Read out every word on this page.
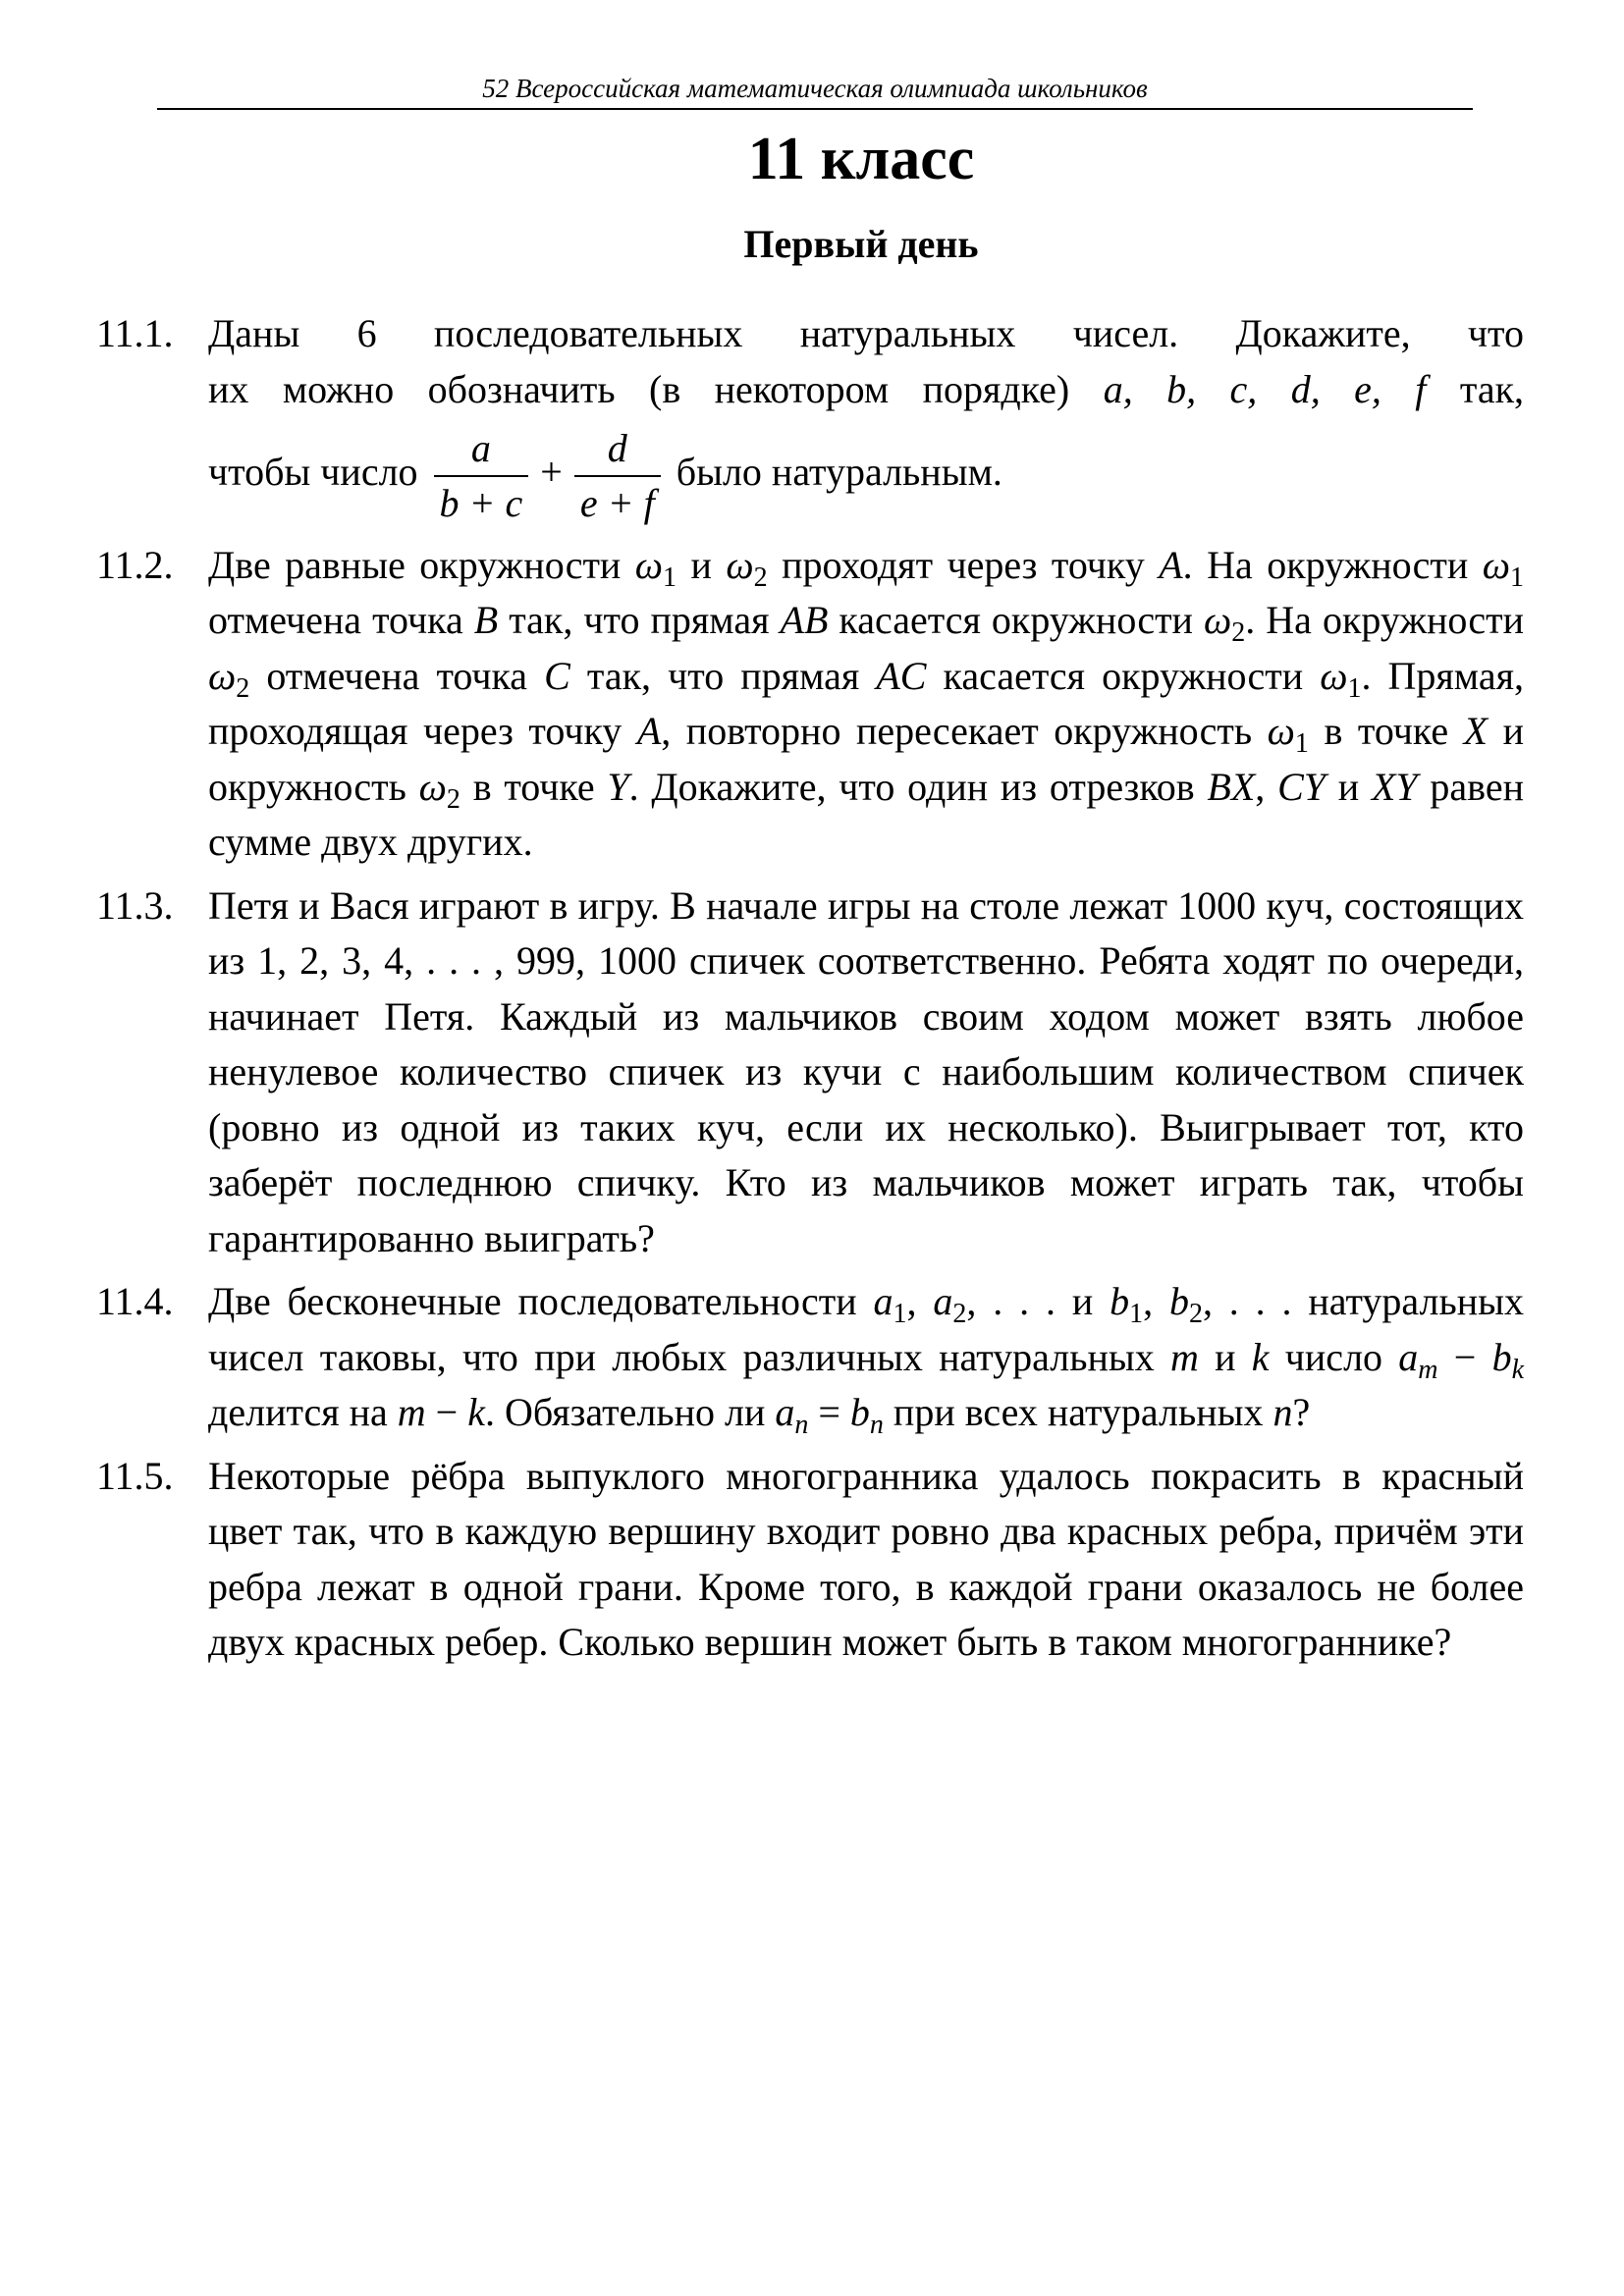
52 Всероссийская математическая олимпиада школьников
11 класс
Первый день
11.1. Даны 6 последовательных натуральных чисел. Докажите, что
их можно обозначить (в некотором порядке) a, b, c, d, e, f так,
чтобы число $\frac{a}{b + c} + \frac{d}{e + f}$ было натуральным.
11.2. Две равные окружности $\omega_1$ и $\omega_2$ проходят через точку A. На окружности $\omega_1$ отмечена точка B так, что прямая AB касается окружности $\omega_2$. На окружности $\omega_2$ отмечена точка C так, что прямая AC касается окружности $\omega_1$. Прямая, проходящая через точку A, повторно пересекает окружность $\omega_1$ в точке X и окружность $\omega_2$ в точке Y. Докажите, что один из отрезков BX, CY и XY равен сумме двух других.
11.3. Петя и Вася играют в игру. В начале игры на столе лежат 1000 куч, состоящих из 1, 2, 3, 4, . . . , 999, 1000 спичек соответственно. Ребята ходят по очереди, начинает Петя. Каждый из мальчиков своим ходом может взять любое ненулевое количество спичек из кучи с наибольшим количеством спичек (ровно из одной из таких куч, если их несколько). Выигрывает тот, кто заберёт последнюю спичку. Кто из мальчиков может играть так, чтобы гарантированно выиграть?
11.4. Две бесконечные последовательности $a_1$, $a_2$, . . . и $b_1$, $b_2$, . . . натуральных чисел таковы, что при любых различных натуральных m и k число $a_m - b_k$ делится на m − k. Обязательно ли $a_n = b_n$ при всех натуральных n?
11.5. Некоторые рёбра выпуклого многогранника удалось покрасить в красный цвет так, что в каждую вершину входит ровно два красных ребра, причём эти ребра лежат в одной грани. Кроме того, в каждой грани оказалось не более двух красных ребер. Сколько вершин может быть в таком многограннике?
